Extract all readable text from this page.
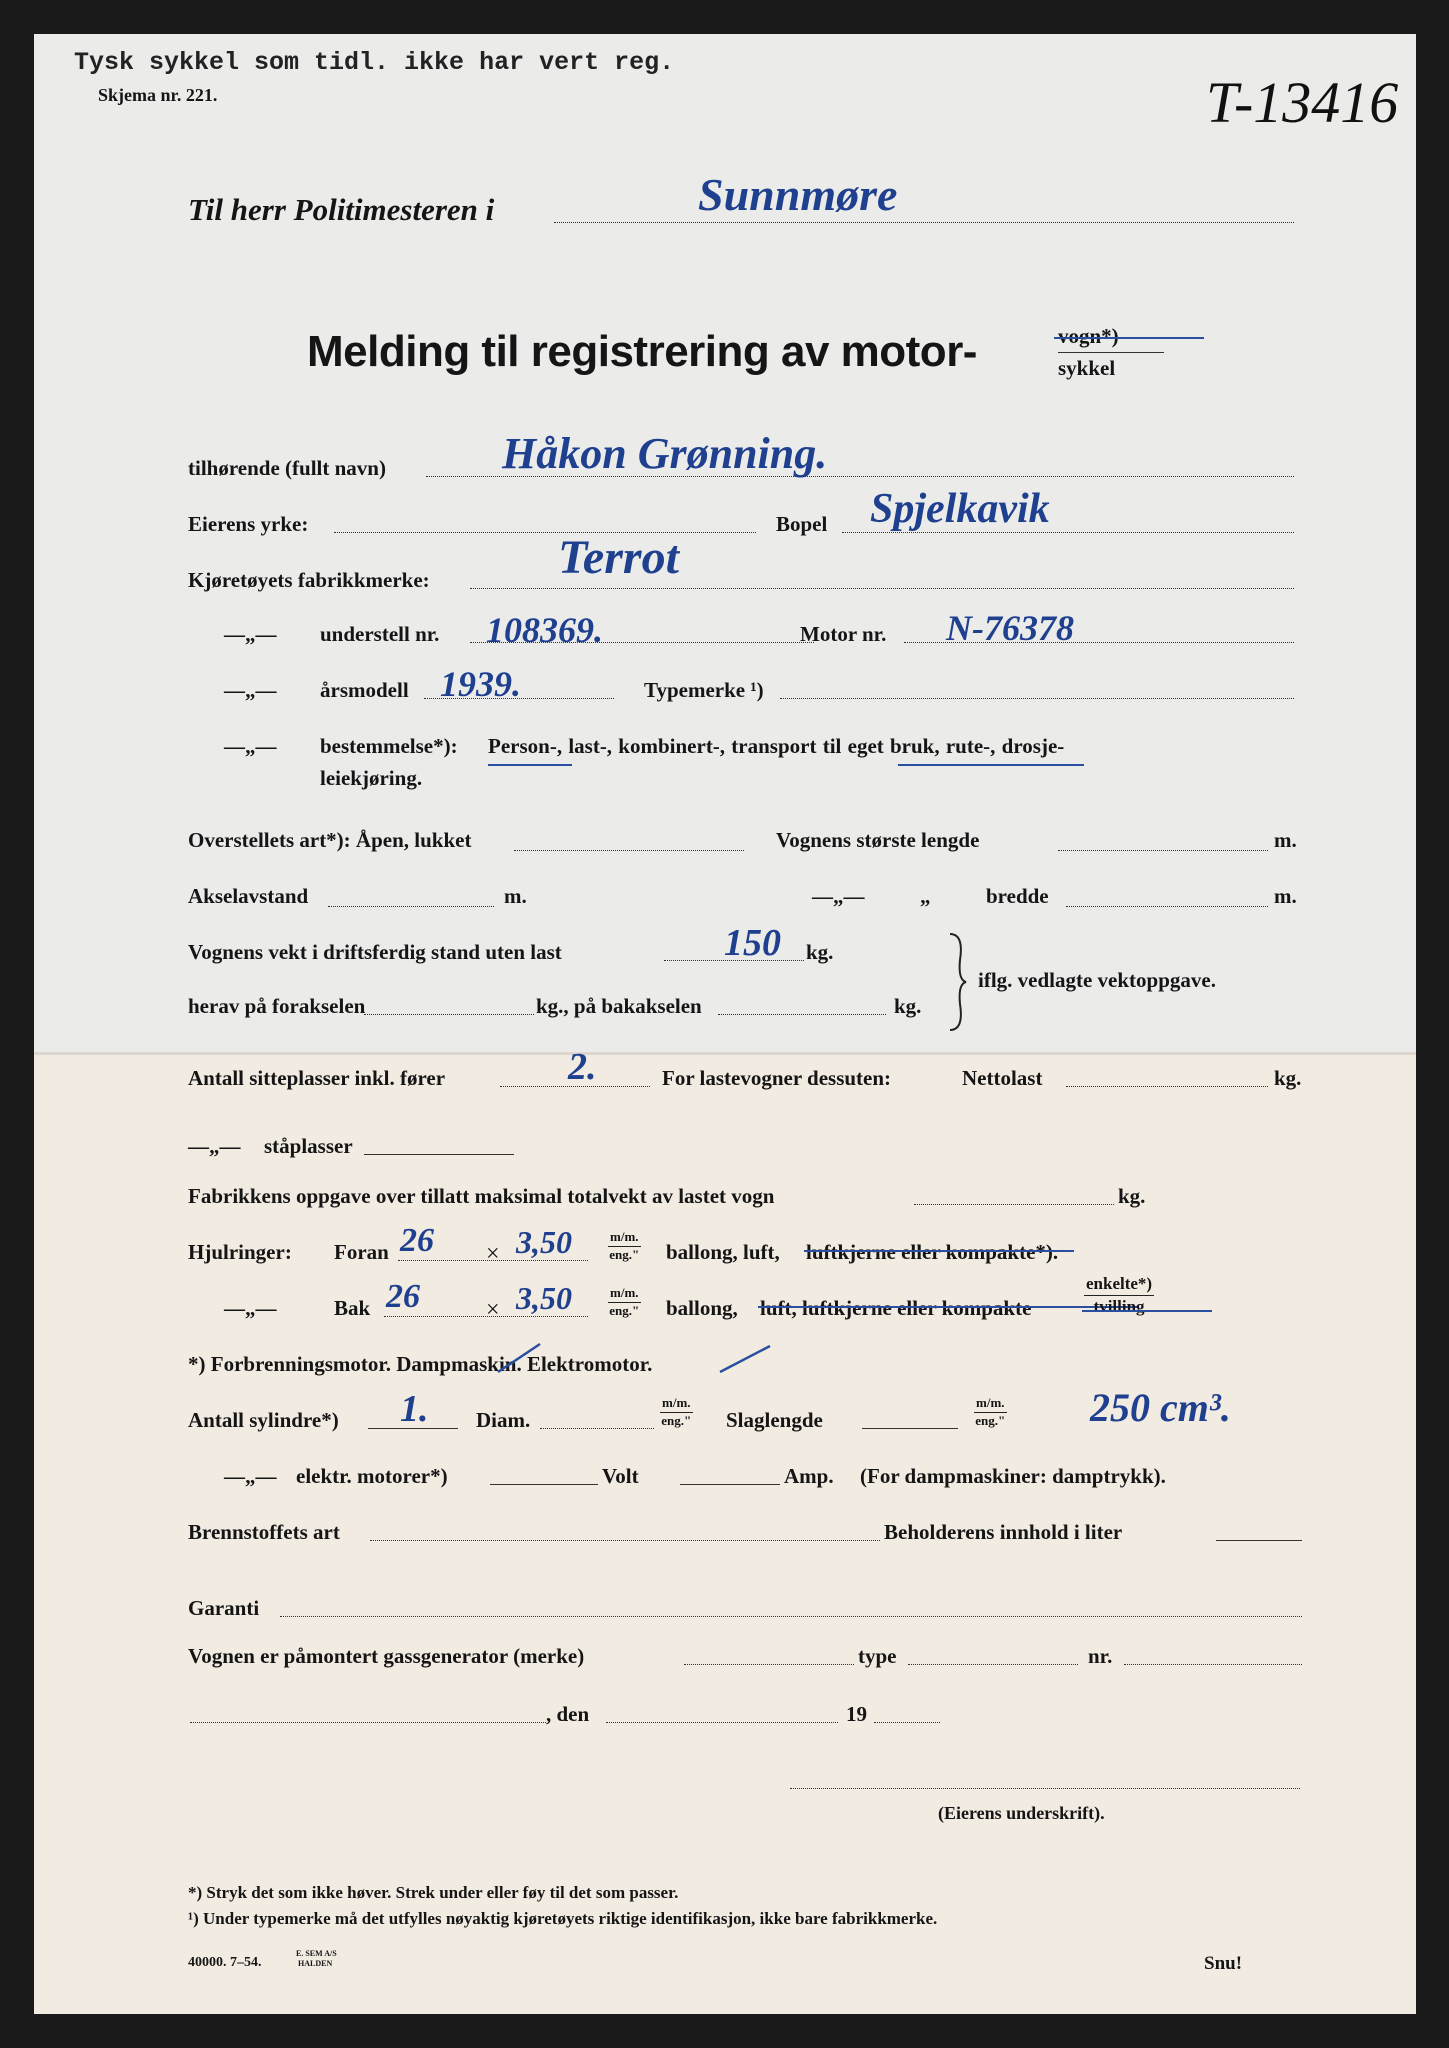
Tysk sykkel som tidl. ikke har vert reg.
Skjema nr. 221.	T-13416
Til herr Politimesteren i	Sunnmøre
Melding til registrering av motor-	vogn*)
sykkel
tilhørende (fullt navn)	Håkon Grønning.
Eierens yrke:	Bopel Spjelkavik
Kjøretøyets fabrikkmerke:	Terrot
—„— understell nr. 108369.	Motor nr. N-76378
—„— årsmodell 1939.	Typemerke ¹)
—„— bestemmelse*): Person-, last-, kombinert-, transport til eget bruk, rute-, drosje-
leiekjøring.
Overstellets art*): Åpen, lukket	Vognens største lengde	m.
Akselavstand	m.	—„—	„	bredde	m.
Vognens vekt i driftsferdig stand uten last	150 kg.
herav på forakselen	kg., på bakakselen	kg.
iflg. vedlagte vektoppgave.
Antall sitteplasser inkl. fører	2.	For lastevogner dessuten:	Nettolast	kg.
—„— ståplasser
Fabrikkens oppgave over tillatt maksimal totalvekt av lastet vogn	kg.
Hjulringer: Foran 26 × 3,50	m/m.
eng." ballong, luft, luftkjerne eller kompakte*).
—„—	Bak 26	× 3,50	m/m.
eng." ballong, luft, luftkjerne eller kompakte
enkelte*)
tvilling
*) Forbrenningsmotor. Dampmaskin. Elektromotor.
Antall sylindre*) 1. Diam.
m/m.
eng." Slaglengde
m/m.
eng." 250 cm³.
—„— elektr. motorer*)	Volt	Amp. (For dampmaskiner: damptrykk).
Brennstoffets art	Beholderens innhold i liter
Garanti
Vognen er påmontert gassgenerator (merke)	type	nr.
, den	19
(Eierens underskrift).
*) Stryk det som ikke høver. Strek under eller føy til det som passer.
¹) Under typemerke må det utfylles nøyaktig kjøretøyets riktige identifikasjon, ikke bare fabrikkmerke.
40000. 7–54.
E. SEM A/S
HALDEN	Snu!
